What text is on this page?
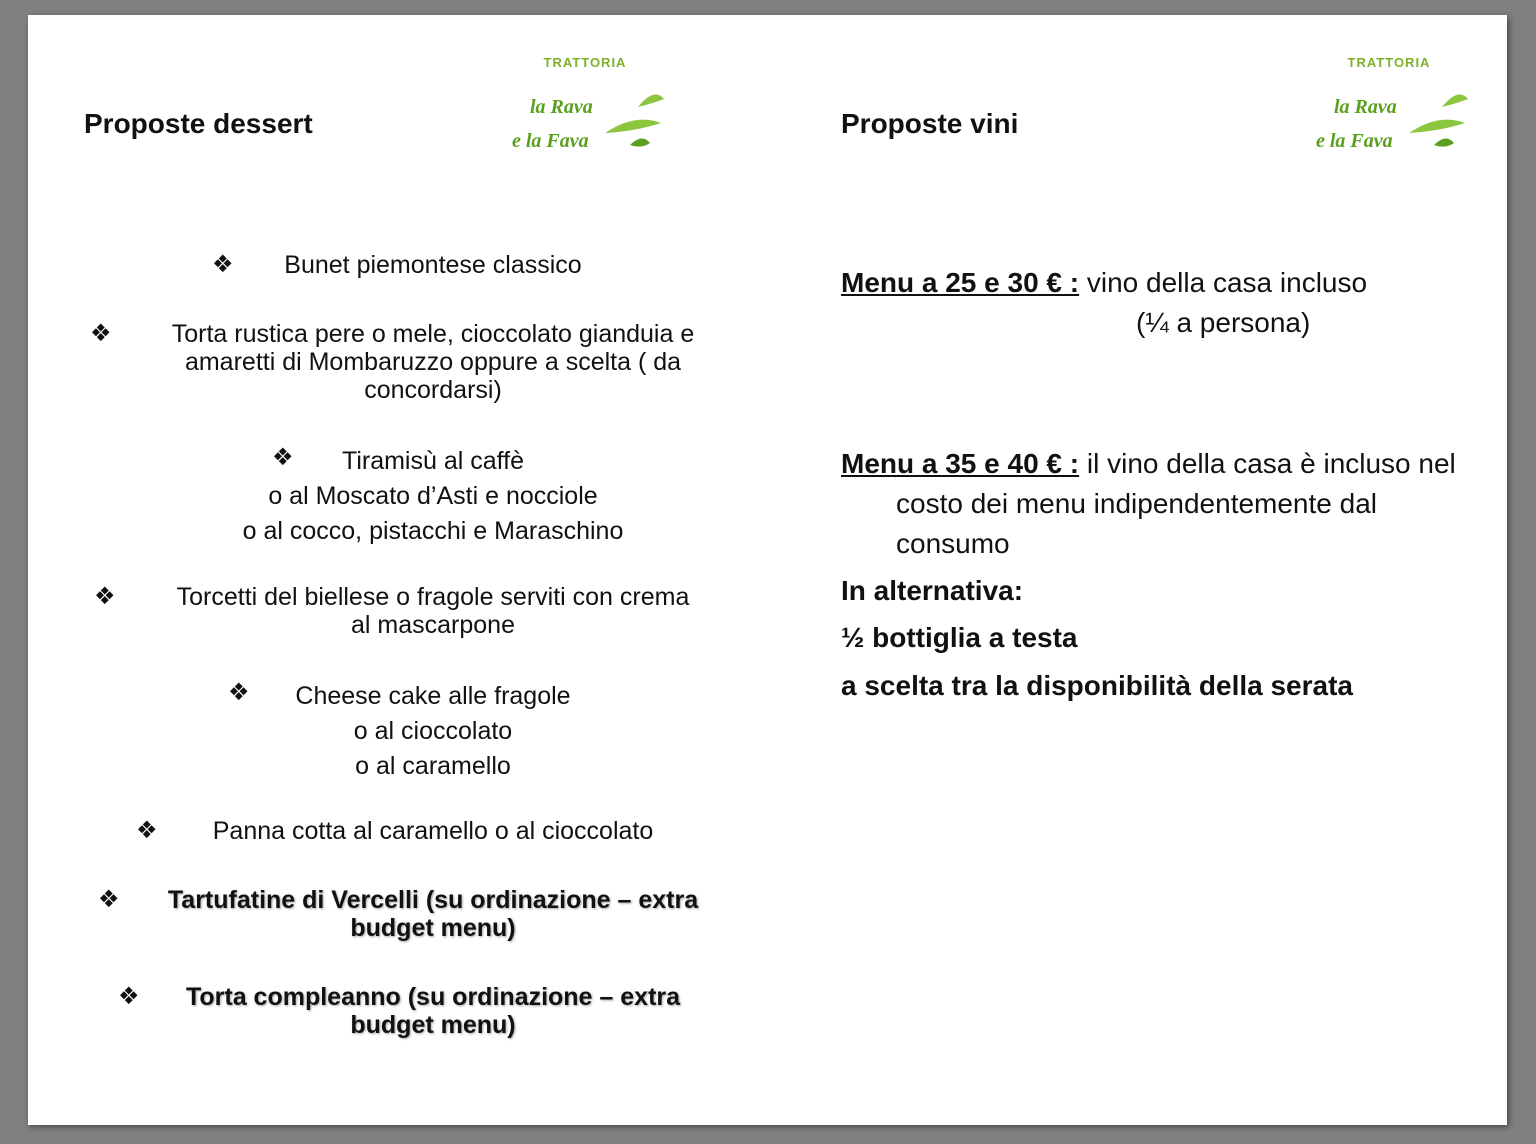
Proposte dessert
TRATTORIA
la Rava
e la Fava
❖	Bunet piemontese classico
❖	Torta rustica pere o mele, cioccolato gianduia e
amaretti di Mombaruzzo oppure a scelta ( da
concordarsi)
❖	Tiramisù al caffè
o al Moscato d’Asti e nocciole
o al cocco, pistacchi e Maraschino
❖	Torcetti del biellese o fragole serviti con crema
al mascarpone
❖	Cheese cake alle fragole
o al cioccolato
o al caramello
❖	Panna cotta al caramello o al cioccolato
❖	Tartufatine di Vercelli (su ordinazione – extra
budget menu)
❖	Torta compleanno (su ordinazione – extra
budget menu)
Proposte vini
TRATTORIA
la Rava
e la Fava
Menu a 25 e 30 € : vino della casa incluso
(¼ a persona)
Menu a 35 e 40 € : il vino della casa è incluso nel
costo dei menu indipendentemente dal
consumo
In alternativa:
½ bottiglia a testa
a scelta tra la disponibilità della serata
